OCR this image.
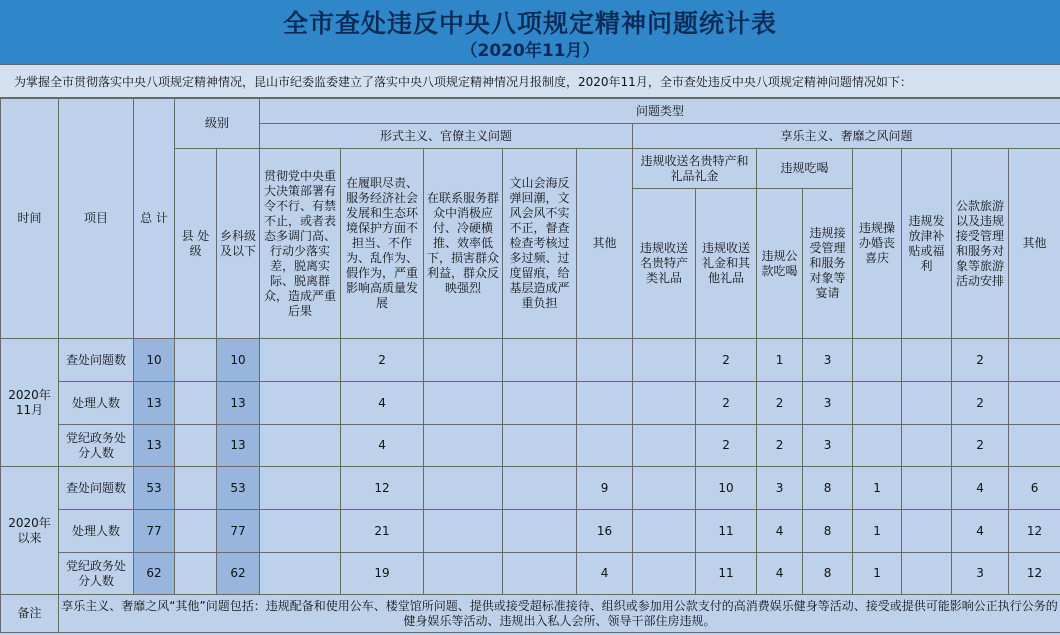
全市查处违反中央八项规定精神问题统计表
（2020年11月）
为掌握全市贯彻落实中央八项规定精神情况，昆山市纪委监委建立了落实中央八项规定精神情况月报制度，2020年11月，全市查处违反中央八项规定精神问题情况如下：
时间	项目	总 计	级别		问题类型												
					形式主义、官僚主义问题					享乐主义、奢靡之风问题							
			县 处级	乡科级及以下	贯彻党中央重大决策部署有令不行、有禁不止，或者表态多调门高、行动少落实差，脱离实际、脱离群众，造成严重后果	在履职尽责、服务经济社会发展和生态环境保护方面不担当、不作为、乱作为、假作为，严重影响高质量发展	在联系服务群众中消极应付、冷硬横推、效率低下，损害群众利益，群众反映强烈	文山会海反弹回潮，文风会风不实不正，督查检查考核过多过频、过度留痕，给基层造成严重负担	其他	违规收送名贵特产和礼品礼金		违规吃喝		违规操办婚丧喜庆	违规发放津补贴或福利	公款旅游以及违规接受管理和服务对象等旅游活动安排	其他
										违规收送名贵特产类礼品	违规收送礼金和其他礼品	违规公款吃喝	违规接受管理和服务对象等宴请				
2020年11月	查处问题数	10		10		2					2	1	3			2	
	处理人数	13		13		4					2	2	3			2	
	党纪政务处分人数	13		13		4					2	2	3			2	
2020年以来	查处问题数	53		53		12			9		10	3	8	1		4	6
	处理人数	77		77		21			16		11	4	8	1		4	12
	党纪政务处分人数	62		62		19			4		11	4	8	1		3	12
备注	享乐主义、奢靡之风“其他”问题包括：违规配备和使用公车、楼堂馆所问题、提供或接受超标准接待、组织或参加用公款支付的高消费娱乐健身等活动、接受或提供可能影响公正执行公务的健身娱乐等活动、违规出入私人会所、领导干部住房违规。																
